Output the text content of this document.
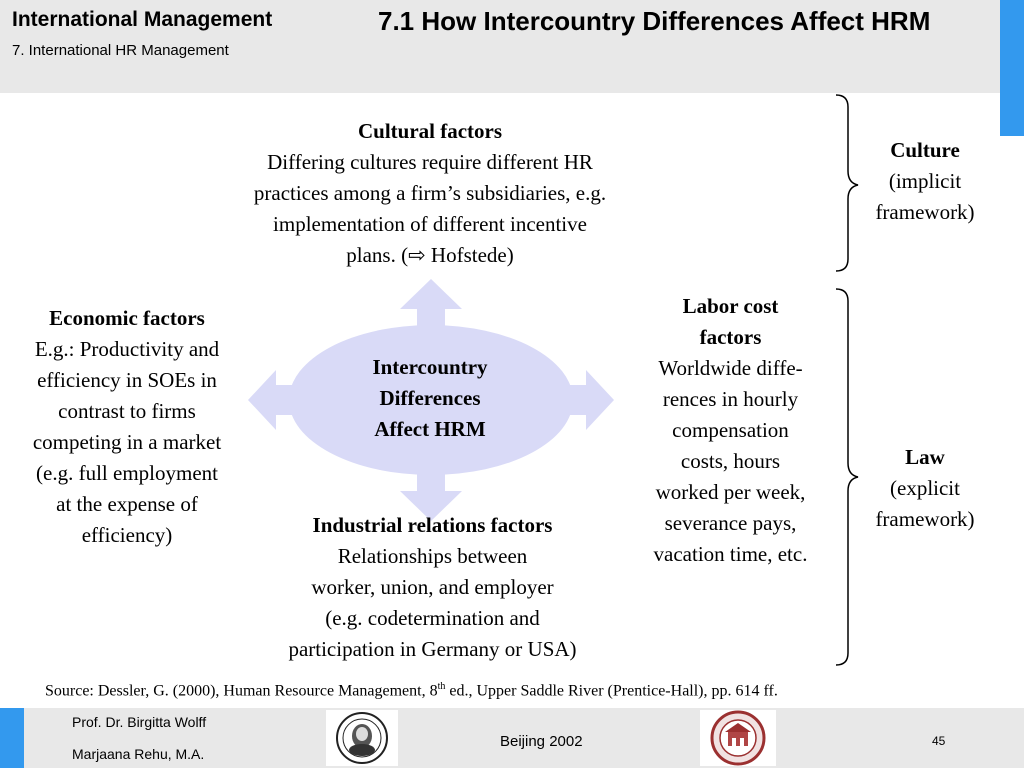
International Management
7. International HR Management
7.1 How Intercountry Differences Affect HRM
Cultural factors
Differing cultures require different HR
practices among a firm’s subsidiaries, e.g.
implementation of different incentive
plans. (⇨ Hofstede)
Intercountry
Differences
Affect HRM
Economic factors
E.g.: Productivity and
efficiency in SOEs in
contrast to firms
competing in a market
(e.g. full employment
at the expense of
efficiency)
Labor cost
factors
Worldwide diffe-
rences in hourly
compensation
costs, hours
worked per week,
severance pays,
vacation time, etc.
Industrial relations factors
Relationships between
worker, union, and employer
(e.g. codetermination and
participation in Germany or USA)
Culture
(implicit
framework)
Law
(explicit
framework)
Source: Dessler, G. (2000), Human Resource Management, 8th ed., Upper Saddle River (Prentice-Hall), pp. 614 ff.
Prof. Dr. Birgitta Wolff
Marjaana Rehu, M.A.
Beijing 2002	45
